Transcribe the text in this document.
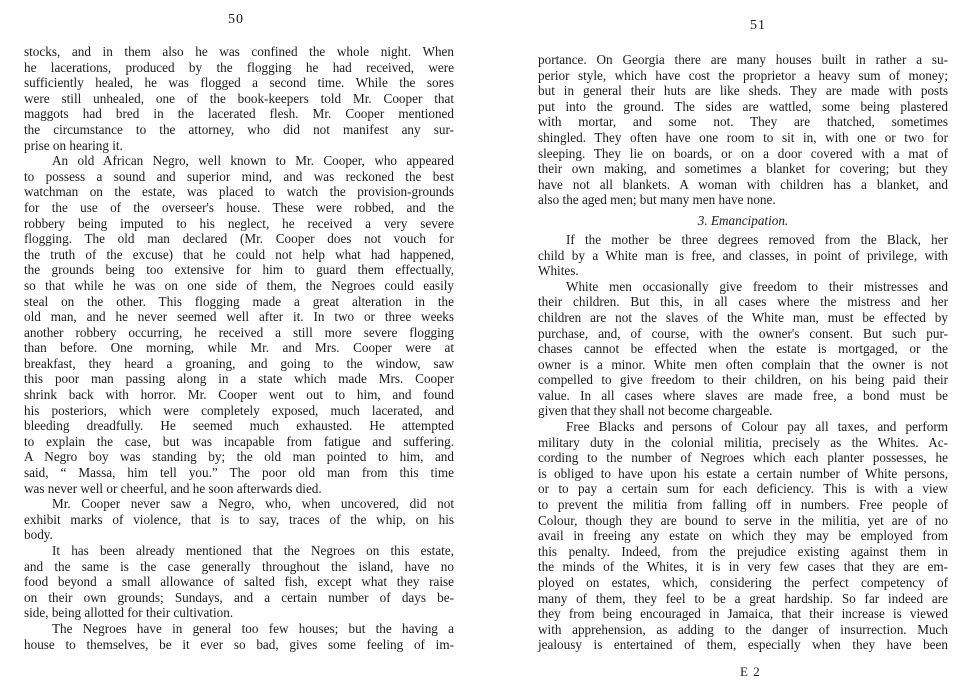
50
stocks, and in them also he was confined the whole night. When
he lacerations, produced by the flogging he had received, were
sufficiently healed, he was flogged a second time. While the sores
were still unhealed, one of the book-keepers told Mr. Cooper that
maggots had bred in the lacerated flesh. Mr. Cooper mentioned
the circumstance to the attorney, who did not manifest any sur-
prise on hearing it.
An old African Negro, well known to Mr. Cooper, who appeared
to possess a sound and superior mind, and was reckoned the best
watchman on the estate, was placed to watch the provision-grounds
for the use of the overseer's house. These were robbed, and the
robbery being imputed to his neglect, he received a very severe
flogging. The old man declared (Mr. Cooper does not vouch for
the truth of the excuse) that he could not help what had happened,
the grounds being too extensive for him to guard them effectually,
so that while he was on one side of them, the Negroes could easily
steal on the other. This flogging made a great alteration in the
old man, and he never seemed well after it. In two or three weeks
another robbery occurring, he received a still more severe flogging
than before. One morning, while Mr. and Mrs. Cooper were at
breakfast, they heard a groaning, and going to the window, saw
this poor man passing along in a state which made Mrs. Cooper
shrink back with horror. Mr. Cooper went out to him, and found
his posteriors, which were completely exposed, much lacerated, and
bleeding dreadfully. He seemed much exhausted. He attempted
to explain the case, but was incapable from fatigue and suffering.
A Negro boy was standing by; the old man pointed to him, and
said, “ Massa, him tell you.” The poor old man from this time
was never well or cheerful, and he soon afterwards died.
Mr. Cooper never saw a Negro, who, when uncovered, did not
exhibit marks of violence, that is to say, traces of the whip, on his
body.
It has been already mentioned that the Negroes on this estate,
and the same is the case generally throughout the island, have no
food beyond a small allowance of salted fish, except what they raise
on their own grounds; Sundays, and a certain number of days be-
side, being allotted for their cultivation.
The Negroes have in general too few houses; but the having a
house to themselves, be it ever so bad, gives some feeling of im-
51
portance. On Georgia there are many houses built in rather a su-
perior style, which have cost the proprietor a heavy sum of money;
but in general their huts are like sheds. They are made with posts
put into the ground. The sides are wattled, some being plastered
with mortar, and some not. They are thatched, sometimes
shingled. They often have one room to sit in, with one or two for
sleeping. They lie on boards, or on a door covered with a mat of
their own making, and sometimes a blanket for covering; but they
have not all blankets. A woman with children has a blanket, and
also the aged men; but many men have none.
3. Emancipation.
If the mother be three degrees removed from the Black, her
child by a White man is free, and classes, in point of privilege, with
Whites.
White men occasionally give freedom to their mistresses and
their children. But this, in all cases where the mistress and her
children are not the slaves of the White man, must be effected by
purchase, and, of course, with the owner's consent. But such pur-
chases cannot be effected when the estate is mortgaged, or the
owner is a minor. White men often complain that the owner is not
compelled to give freedom to their children, on his being paid their
value. In all cases where slaves are made free, a bond must be
given that they shall not become chargeable.
Free Blacks and persons of Colour pay all taxes, and perform
military duty in the colonial militia, precisely as the Whites. Ac-
cording to the number of Negroes which each planter possesses, he
is obliged to have upon his estate a certain number of White persons,
or to pay a certain sum for each deficiency. This is with a view
to prevent the militia from falling off in numbers. Free people of
Colour, though they are bound to serve in the militia, yet are of no
avail in freeing any estate on which they may be employed from
this penalty. Indeed, from the prejudice existing against them in
the minds of the Whites, it is in very few cases that they are em-
ployed on estates, which, considering the perfect competency of
many of them, they feel to be a great hardship. So far indeed are
they from being encouraged in Jamaica, that their increase is viewed
with apprehension, as adding to the danger of insurrection. Much
jealousy is entertained of them, especially when they have been
E 2
